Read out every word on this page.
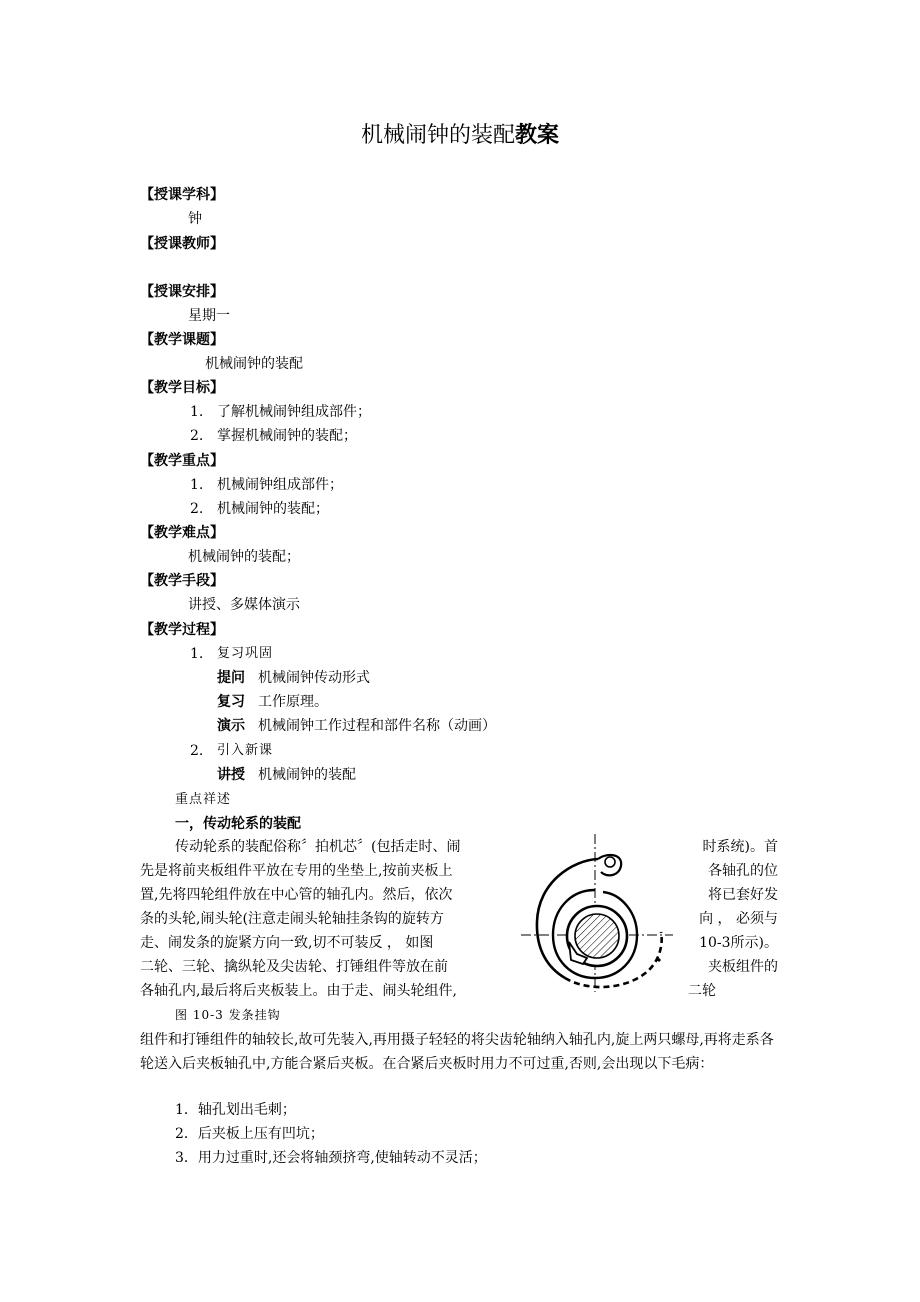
机械闹钟的装配教案
【授课学科】
钟
【授课教师】
【授课安排】
星期一
【教学课题】
机械闹钟的装配
【教学目标】
1. 了解机械闹钟组成部件；
2. 掌握机械闹钟的装配；
【教学重点】
1. 机械闹钟组成部件；
2. 机械闹钟的装配；
【教学难点】
机械闹钟的装配；
【教学手段】
讲授、多媒体演示
【教学过程】
1. 复习巩固
提问 机械闹钟传动形式
复习 工作原理。
演示 机械闹钟工作过程和部件名称（动画）
2. 引入新课
讲授 机械闹钟的装配
重点祥述
一，传动轮系的装配
传动轮系的装配俗称〞拍机芯〞(包括走时、闹	时系统)。首
先是将前夹板组件平放在专用的坐垫上,按前夹板上	各轴孔的位
置,先将四轮组件放在中心管的轴孔内。然后，依次	将已套好发
条的头轮,闹头轮(注意走闹头轮轴挂条钩的旋转方	向 ， 必须与
走、闹发条的旋紧方向一致,切不可装反 ， 如图	10-3所示)。
二轮、三轮、擒纵轮及尖齿轮、打锤组件等放在前	夹板组件的
各轴孔内,最后将后夹板装上。由于走、闹头轮组件,	二轮
图 10-3 发条挂钩
组件和打锤组件的轴较长,故可先装入,再用摄子轻轻的将尖齿轮轴纳入轴孔内,旋上两只螺母,再将走系各轮送入后夹板轴孔中,方能合紧后夹板。在合紧后夹板时用力不可过重,否则,会出现以下毛病：
1．轴孔划出毛刺；
2．后夹板上压有凹坑；
3．用力过重时,还会将轴颈挤弯,使轴转动不灵活；
